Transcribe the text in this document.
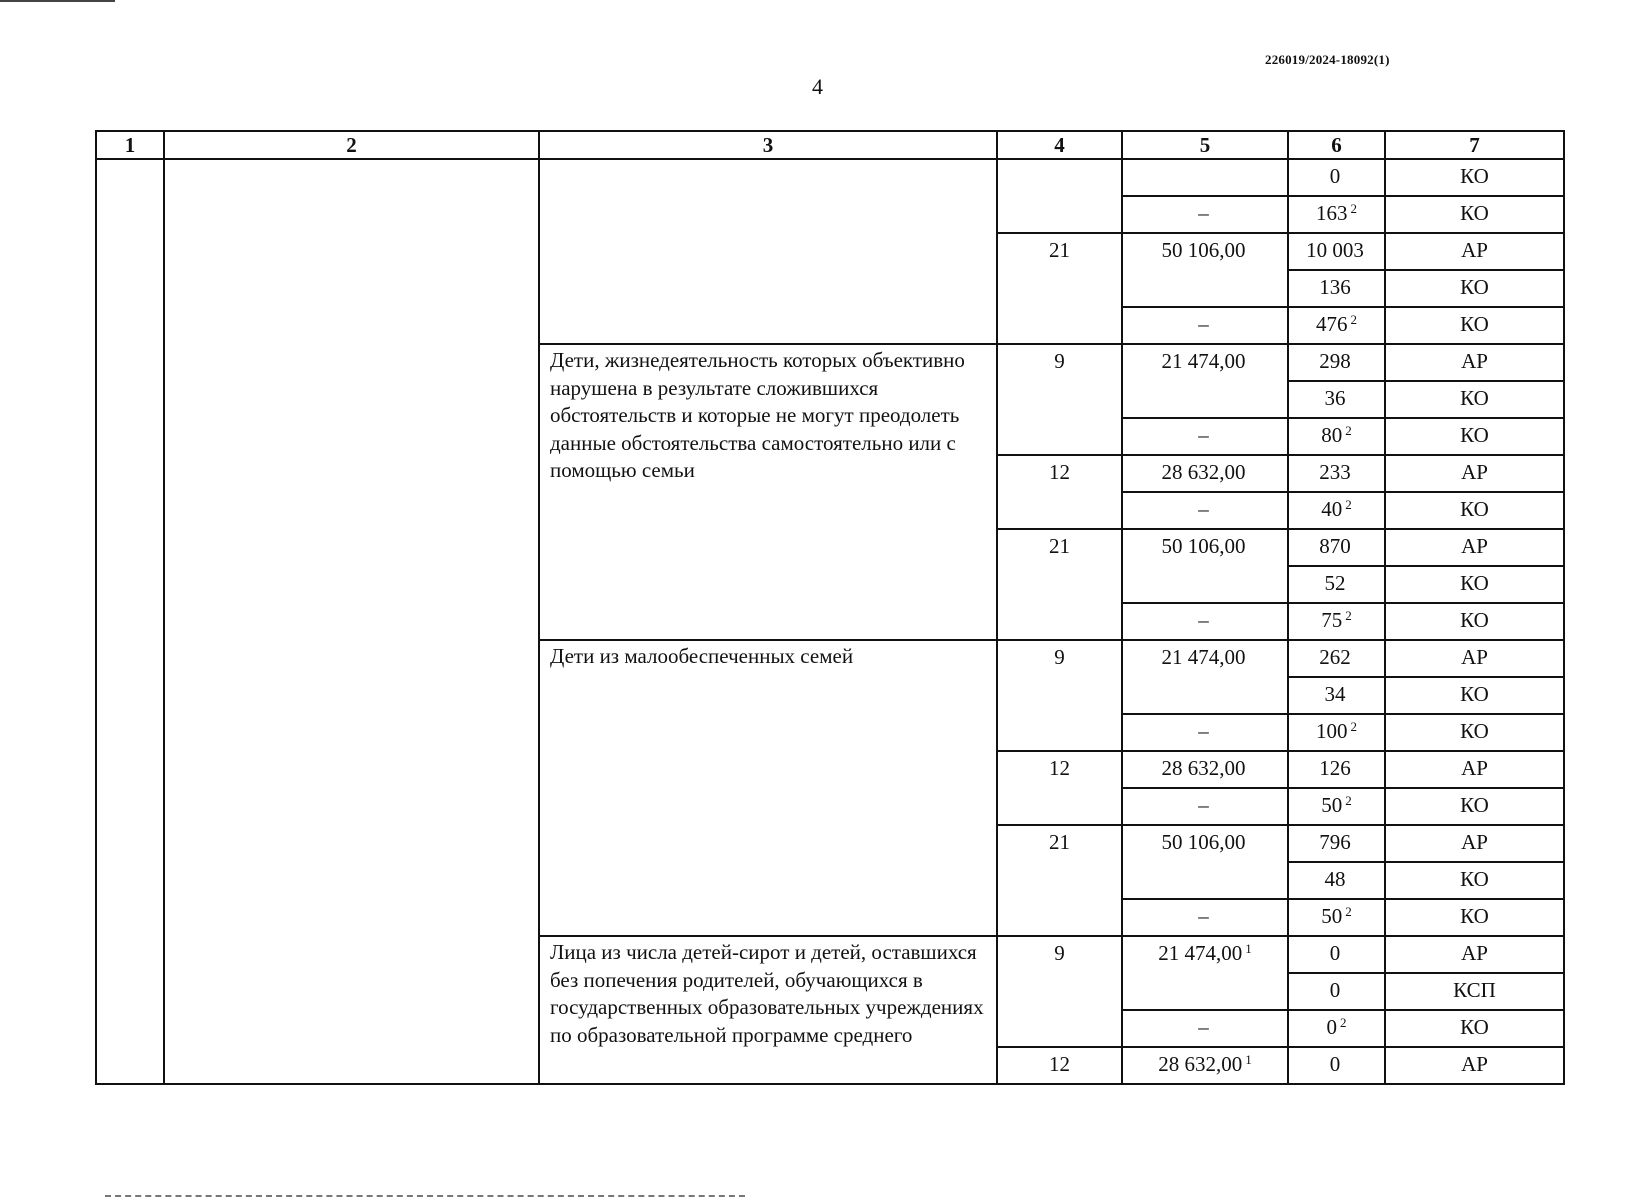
226019/2024-18092(1)
4
1	2	3	4	5	6	7
					0	КО
				–	163 $^2$	КО
			21	50 106,00	10 003	АР
					136	КО
				–	476 $^2$	КО
		Дети, жизнедеятельность которых объективно нарушена в результате сложившихся обстоятельств и которые не могут преодолеть данные обстоятельства самостоятельно или с помощью семьи	9	21 474,00	298	АР
					36	КО
				–	80 $^2$	КО
			12	28 632,00	233	АР
				–	40 $^2$	КО
			21	50 106,00	870	АР
					52	КО
				–	75 $^2$	КО
		Дети из малообеспеченных семей	9	21 474,00	262	АР
					34	КО
				–	100 $^2$	КО
			12	28 632,00	126	АР
				–	50 $^2$	КО
			21	50 106,00	796	АР
					48	КО
				–	50 $^2$	КО
		Лица из числа детей-сирот и детей, оставшихся без попечения родителей, обучающихся в государственных образовательных учреждениях по образовательной программе среднего	9	21 474,00 $^1$	0	АР
					0	КСП
				–	0 $^2$	КО
			12	28 632,00 $^1$	0	АР
